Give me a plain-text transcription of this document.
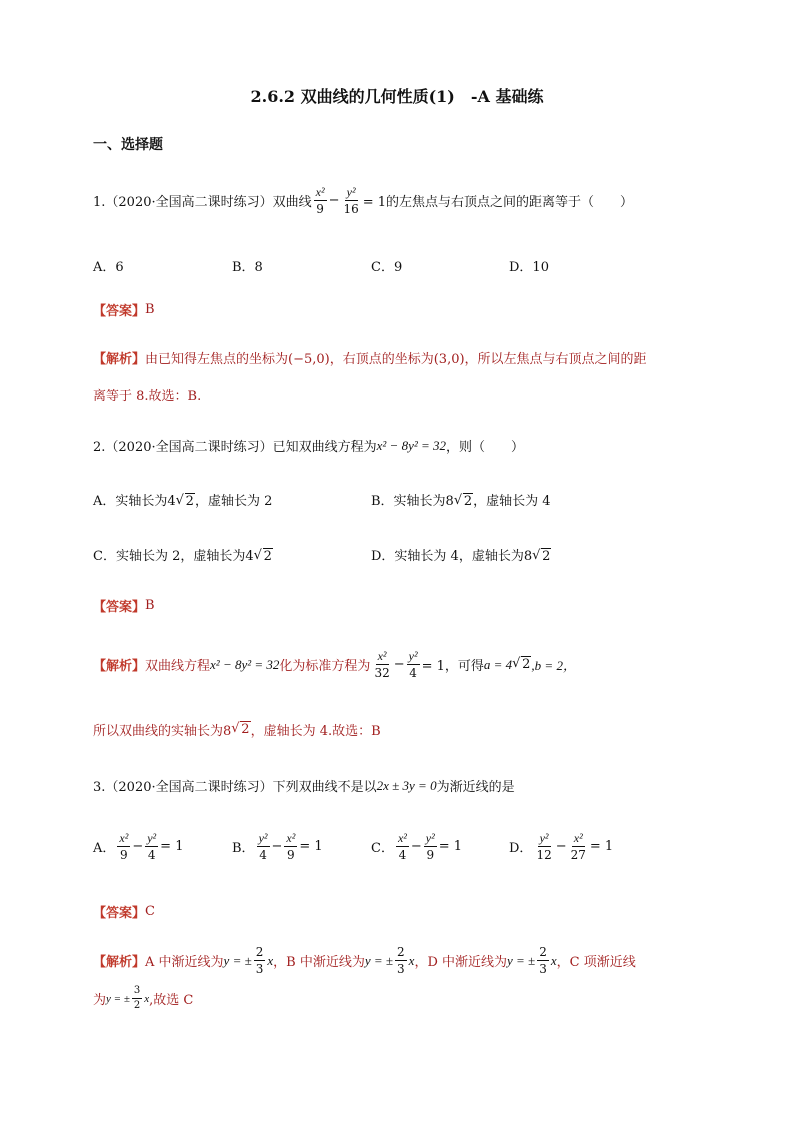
2.6.2 双曲线的几何性质(1)　-A 基础练
一、选择题
1.（2020·全国高二课时练习）双曲线 $\frac{\text{x²}}{9} - \frac{\text{y²}}{16} = 1$的左焦点与右顶点之间的距离等于（　　）
A．6	B．8	C．9	D．10
【答案】 B
【解析】 由已知得左焦点的坐标为(−5,0)，右顶点的坐标为(3,0)，所以左焦点与右顶点之间的距
离等于 8.故选：B.
2.（2020·全国高二课时练习）已知双曲线方程为 x² − 8y² = 32 ，则（　　）
A．实轴长为4 √ 2，虚轴长为 2	B．实轴长为8 √ 2，虚轴长为 4
C．实轴长为 2，虚轴长为4 √ 2	D．实轴长为 4，虚轴长为8 √ 2
【答案】 B
【解析】 双曲线方程 x² − 8y² = 32 化为标准方程为 $\frac{\text{x²}}{32} - \frac{\text{y²}}{4} = 1$，可得 a = 4 √ 2 ,b = 2，
所以双曲线的实轴长为8 √ 2 ，虚轴长为 4.故选：B
3.（2020·全国高二课时练习）下列双曲线不是以 2x ± 3y = 0 为渐近线的是
A． $\frac{\text{x²}}{9} - \frac{\text{y²}}{4} = 1$	B． $\frac{\text{y²}}{4} - \frac{\text{x²}}{9} = 1$	C． $\frac{\text{x²}}{4} - \frac{\text{y²}}{9} = 1$	D． $\frac{\text{y²}}{12} - \frac{\text{x²}}{27} = 1$
【答案】 C
【解析】 A 中渐近线为 y = ± $\frac{2}{3}$ x ，B 中渐近线为 y = ± $\frac{2}{3}$ x ，D 中渐近线为 y = ± $\frac{2}{3}$ x ，C 项渐近线
为 y = ± $\frac{3}{2}$ x ,故选 C
